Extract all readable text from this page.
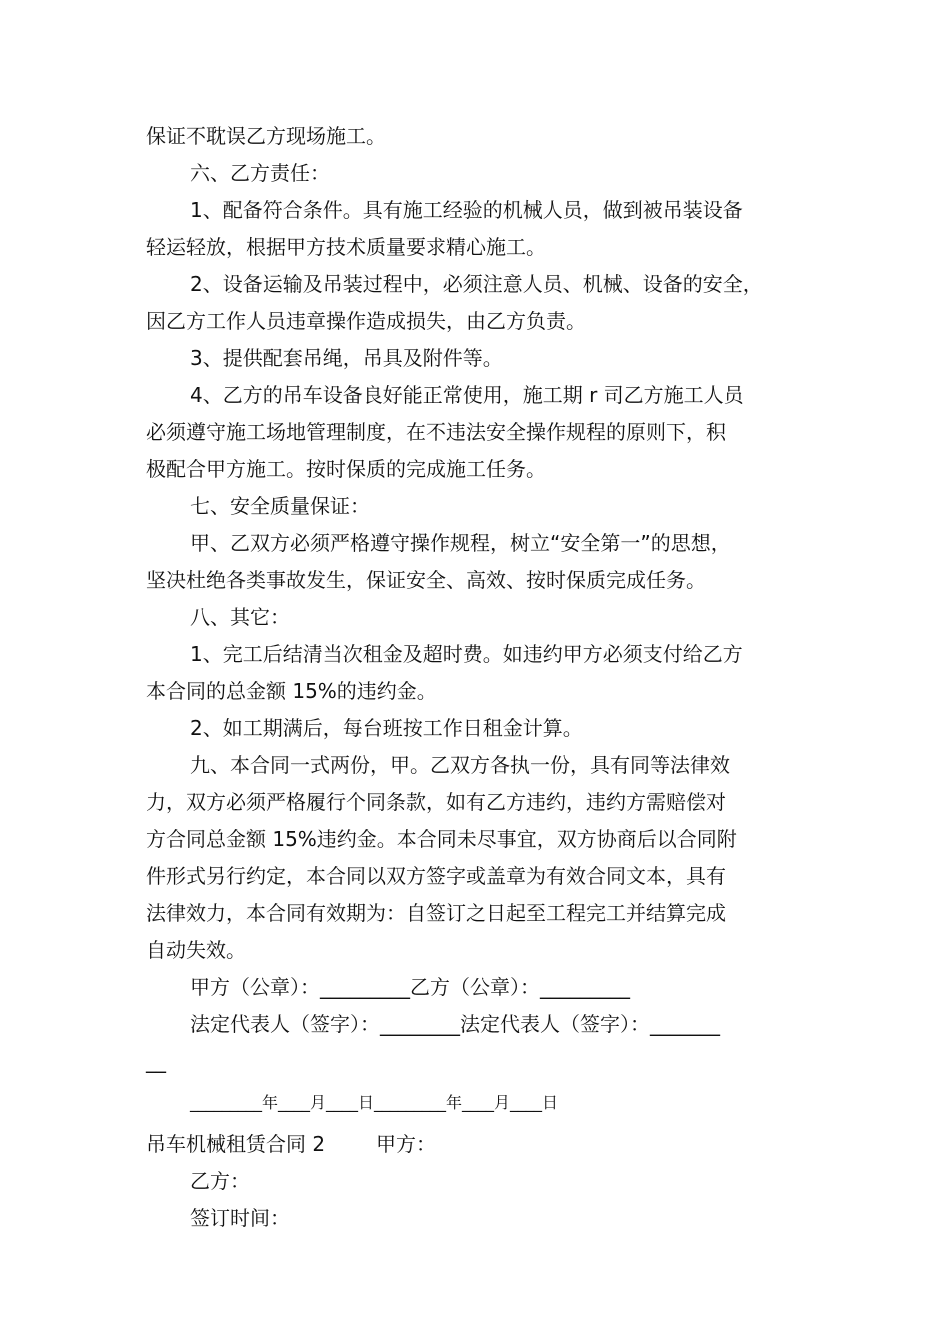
保证不耽误乙方现场施工。
六、乙方责任：
1、配备符合条件。具有施工经验的机械人员，做到被吊装设备
轻运轻放，根据甲方技术质量要求精心施工。
2、设备运输及吊装过程中，必须注意人员、机械、设备的安全，
因乙方工作人员违章操作造成损失，由乙方负责。
3、提供配套吊绳，吊具及附件等。
4、乙方的吊车设备良好能正常使用，施工期 r 司乙方施工人员
必须遵守施工场地管理制度，在不违法安全操作规程的原则下，积
极配合甲方施工。按时保质的完成施工任务。
七、安全质量保证：
甲、乙双方必须严格遵守操作规程，树立“安全第一”的思想，
坚决杜绝各类事故发生，保证安全、高效、按时保质完成任务。
八、其它：
1、完工后结清当次租金及超时费。如违约甲方必须支付给乙方
本合同的总金额 15%的违约金。
2、如工期满后，每台班按工作日租金计算。
九、本合同一式两份，甲。乙双方各执一份，具有同等法律效
力，双方必须严格履行个同条款，如有乙方违约，违约方需赔偿对
方合同总金额 15%违约金。本合同未尽事宜，双方协商后以合同附
件形式另行约定，本合同以双方签字或盖章为有效合同文本，具有
法律效力，本合同有效期为：自签订之日起至工程完工并结算完成
自动失效。
甲方（公章）：_________乙方（公章）：_________
法定代表人（签字）：________法定代表人（签字）：_______
__
_________年____月____日_________年____月____日
吊车机械租赁合同 2        甲方：
乙方：
签订时间：
